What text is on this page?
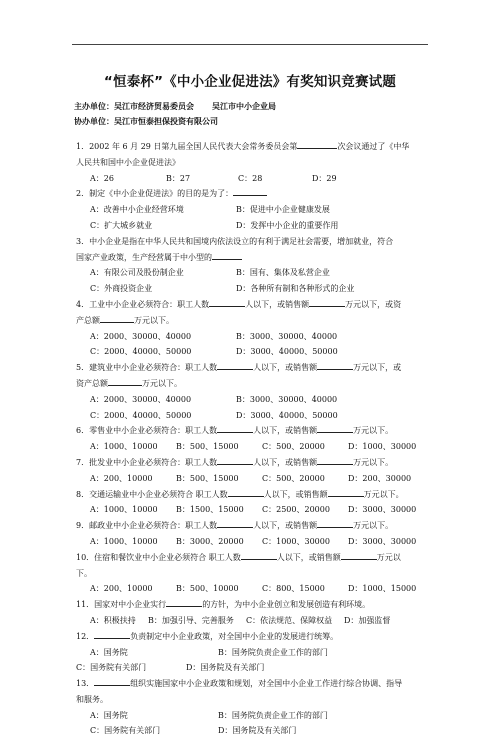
“恒泰杯”《中小企业促进法》有奖知识竞赛试题
主办单位：吴江市经济贸易委员会 吴江市中小企业局
协办单位：吴江市恒泰担保投资有限公司
1．2002 年 6 月 29 日第九届全国人民代表大会常务委员会第	次会议通过了《中华
人民共和国中小企业促进法》
A：26	B：27	C：28	D：29
2．制定《中小企业促进法》的目的是为了：
A：改善中小企业经营环境	B：促进中小企业健康发展
C：扩大城乡就业	D：发挥中小企业的重要作用
3．中小企业是指在中华人民共和国境内依法设立的有利于满足社会需要，增加就业，符合
国家产业政策，生产经营属于中小型的
A：有限公司及股份制企业	B：国有、集体及私营企业
C：外商投资企业	D：各种所有制和各种形式的企业
4．工业中小企业必须符合：职工人数	人以下，或销售额	万元以下，或资
产总额	万元以下。
A：2000、30000、40000	B：3000、30000、40000
C：2000、40000、50000	D：3000、40000、50000
5．建筑业中小企业必须符合：职工人数	人以下，或销售额	万元以下，或
资产总额	万元以下。
A：2000、30000、40000	B：3000、30000、40000
C：2000、40000、50000	D：3000、40000、50000
6．零售业中小企业必须符合：职工人数	人以下，或销售额	万元以下。
A：1000、10000 B：500、15000	C：500、20000	D：1000、30000
7．批发业中小企业必须符合：职工人数	人以下，或销售额	万元以下。
A：200、10000	B：500、15000	C：500、20000	D：200、30000
8．交通运输业中小企业必须符合 职工人数	人以下，或销售额	万元以下。
A：1000、10000 B：1500、15000 C：2500、20000 D：3000、30000
9．邮政业中小企业必须符合：职工人数	人以下，或销售额	万元以下。
A：1000、10000 B：3000、20000 C：1000、30000 D：3000、30000
10．住宿和餐饮业中小企业必须符合 职工人数	人以下，或销售额	万元以
下。
A：200、10000	B：500、10000	C：800、15000	D：1000、15000
11．国家对中小企业实行	的方针，为中小企业创立和发展创造有利环境。
A：积极扶持 B：加强引导、完善服务 C：依法规范、保障权益 D：加强监督
12．	负责制定中小企业政策，对全国中小企业的发展进行统筹。
A：国务院	B：国务院负责企业工作的部门
C：国务院有关部门	D：国务院及有关部门
13．	组织实施国家中小企业政策和规划，对全国中小企业工作进行综合协调、指导
和服务。
A：国务院	B：国务院负责企业工作的部门
C：国务院有关部门	D：国务院及有关部门
